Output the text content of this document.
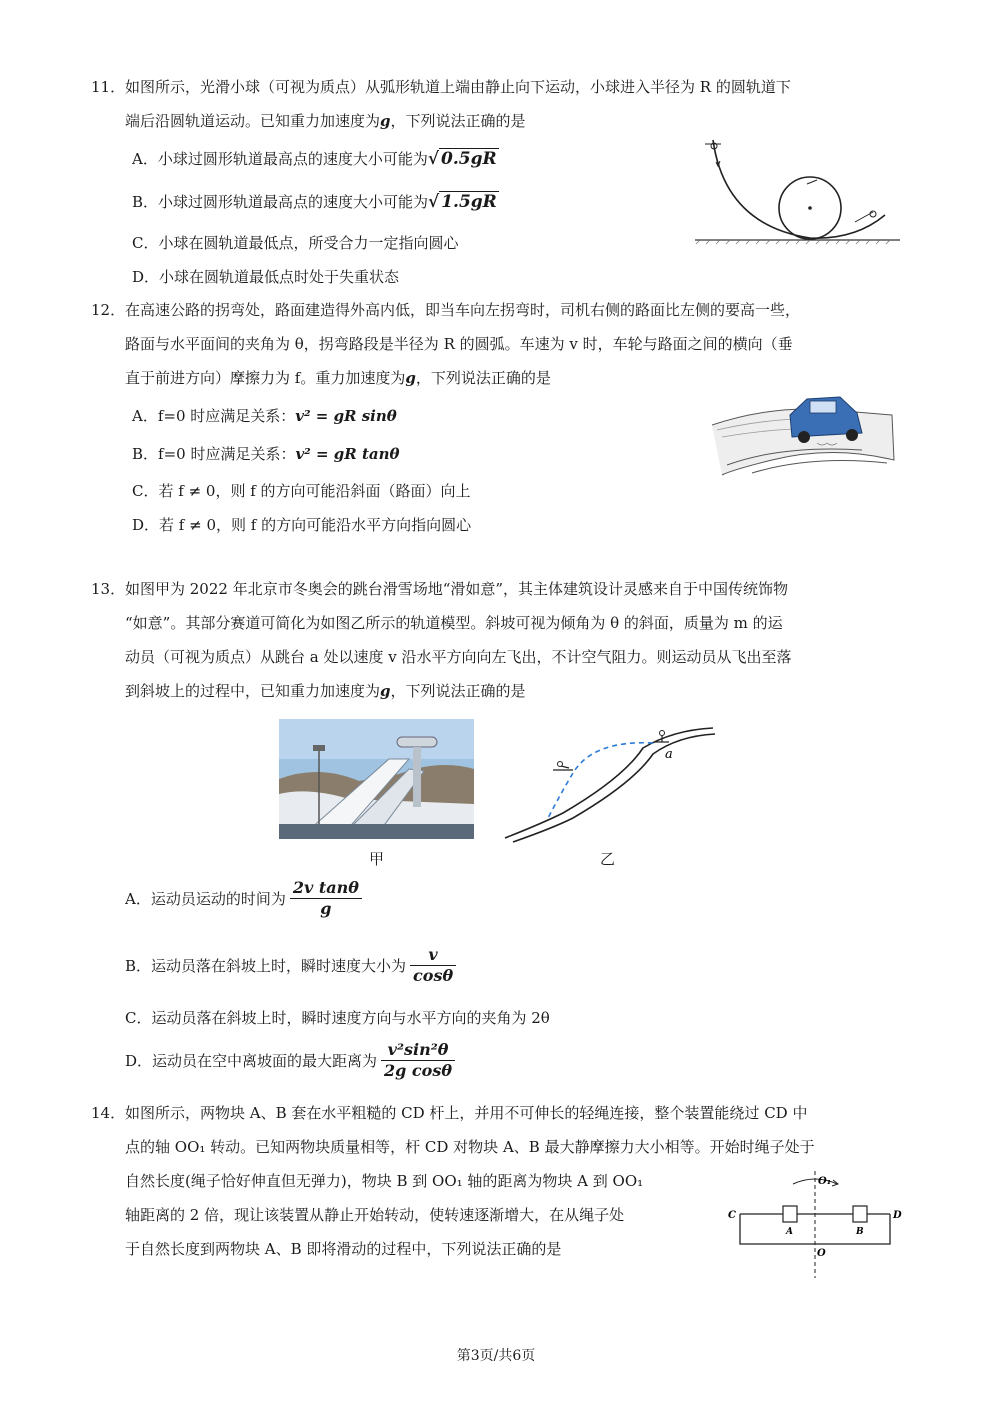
11． 如图所示，光滑小球（可视为质点）从弧形轨道上端由静止向下运动，小球进入半径为 R 的圆轨道下
端后沿圆轨道运动。已知重力加速度为g，下列说法正确的是
A．小球过圆形轨道最高点的速度大小可能为√ 0.5gR
B．小球过圆形轨道最高点的速度大小可能为√ 1.5gR
C．小球在圆轨道最低点，所受合力一定指向圆心
D．小球在圆轨道最低点时处于失重状态
12． 在高速公路的拐弯处，路面建造得外高内低，即当车向左拐弯时，司机右侧的路面比左侧的要高一些，
路面与水平面间的夹角为 θ，拐弯路段是半径为 R 的圆弧。车速为 v 时，车轮与路面之间的横向（垂
直于前进方向）摩擦力为 f。重力加速度为g，下列说法正确的是
A．f=0 时应满足关系：v² = gR sinθ
B．f=0 时应满足关系：v² = gR tanθ
C．若 f ≠ 0，则 f 的方向可能沿斜面（路面）向上
D．若 f ≠ 0，则 f 的方向可能沿水平方向指向圆心
13． 如图甲为 2022 年北京市冬奥会的跳台滑雪场地“滑如意”，其主体建筑设计灵感来自于中国传统饰物
“如意”。其部分赛道可简化为如图乙所示的轨道模型。斜坡可视为倾角为 θ 的斜面，质量为 m 的运
动员（可视为质点）从跳台 a 处以速度 v 沿水平方向向左飞出，不计空气阻力。则运动员从飞出至落
到斜坡上的过程中，已知重力加速度为g，下列说法正确的是
甲
a
乙
A．运动员运动的时间为 $\frac{\text{2v tanθ}}{g}$
B．运动员落在斜坡上时，瞬时速度大小为 $\frac{v}{\cos\theta}$
C．运动员落在斜坡上时，瞬时速度方向与水平方向的夹角为 2θ
D．运动员在空中离坡面的最大距离为 $\frac{\text{v²sin²θ}}{\text{2g cosθ}}$
14． 如图所示，两物块 A、B 套在水平粗糙的 CD 杆上，并用不可伸长的轻绳连接，整个装置能绕过 CD 中
点的轴 OO₁ 转动。已知两物块质量相等，杆 CD 对物块 A、B 最大静摩擦力大小相等。开始时绳子处于
自然长度(绳子恰好伸直但无弹力)，物块 B 到 OO₁ 轴的距离为物块 A 到 OO₁
轴距离的 2 倍，现让该装置从静止开始转动，使转速逐渐增大，在从绳子处
于自然长度到两物块 A、B 即将滑动的过程中，下列说法正确的是
C	D
A	B
O
O₁
第3页/共6页
